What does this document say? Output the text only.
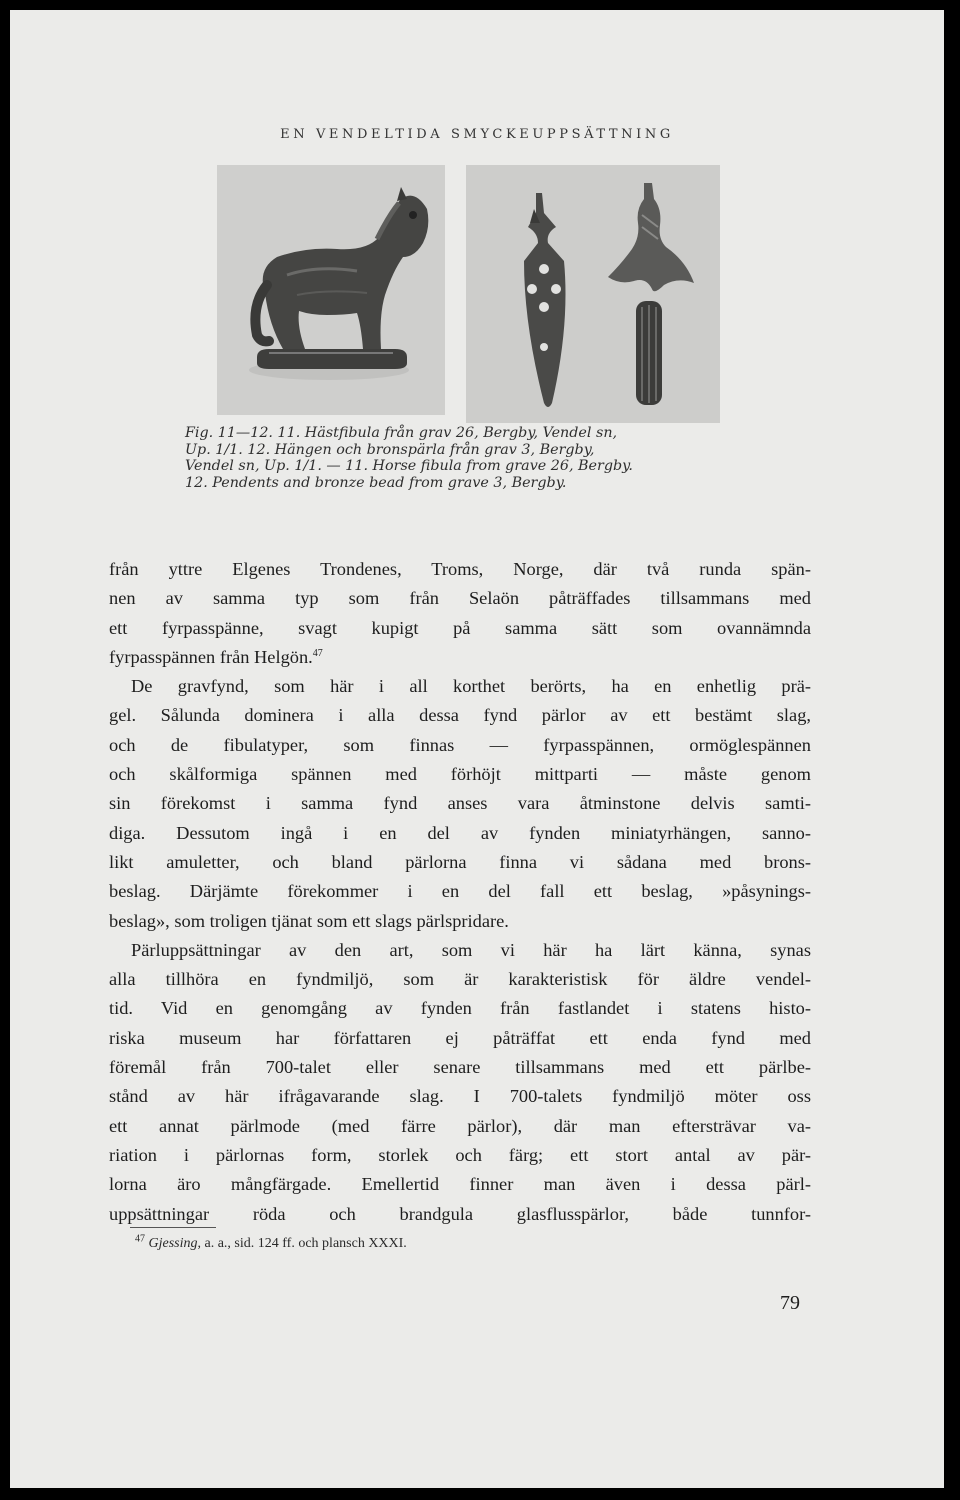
EN VENDELTIDA SMYCKEUPPSÄTTNING
Fig. 11—12. 11. Hästfibula från grav 26, Bergby, Vendel sn,
Up. 1/1. 12. Hängen och bronspärla från grav 3, Bergby,
Vendel sn, Up. 1/1. — 11. Horse fibula from grave 26, Bergby.
12. Pendents and bronze bead from grave 3, Bergby.
från yttre Elgenes Trondenes, Troms, Norge, där två runda spän-
nen av samma typ som från Selaön påträffades tillsammans med
ett fyrpasspänne, svagt kupigt på samma sätt som ovannämnda
fyrpasspännen från Helgön.$^{47}$
De gravfynd, som här i all korthet berörts, ha en enhetlig prä-
gel. Sålunda dominera i alla dessa fynd pärlor av ett bestämt slag,
och de fibulatyper, som finnas — fyrpasspännen, ormöglespännen
och skålformiga spännen med förhöjt mittparti — måste genom
sin förekomst i samma fynd anses vara åtminstone delvis samti-
diga. Dessutom ingå i en del av fynden miniatyrhängen, sanno-
likt amuletter, och bland pärlorna finna vi sådana med brons-
beslag. Därjämte förekommer i en del fall ett beslag, »påsynings-
beslag», som troligen tjänat som ett slags pärlspridare.
Pärluppsättningar av den art, som vi här ha lärt känna, synas
alla tillhöra en fyndmiljö, som är karakteristisk för äldre vendel-
tid. Vid en genomgång av fynden från fastlandet i statens histo-
riska museum har författaren ej påträffat ett enda fynd med
föremål från 700-talet eller senare tillsammans med ett pärlbe-
stånd av här ifrågavarande slag. I 700-talets fyndmiljö möter oss
ett annat pärlmode (med färre pärlor), där man eftersträvar va-
riation i pärlornas form, storlek och färg; ett stort antal av pär-
lorna äro mångfärgade. Emellertid finner man även i dessa pärl-
uppsättningar röda och brandgula glasflusspärlor, både tunnfor-
$^{47}$ Gjessing, a. a., sid. 124 ff. och plansch XXXI.
79
